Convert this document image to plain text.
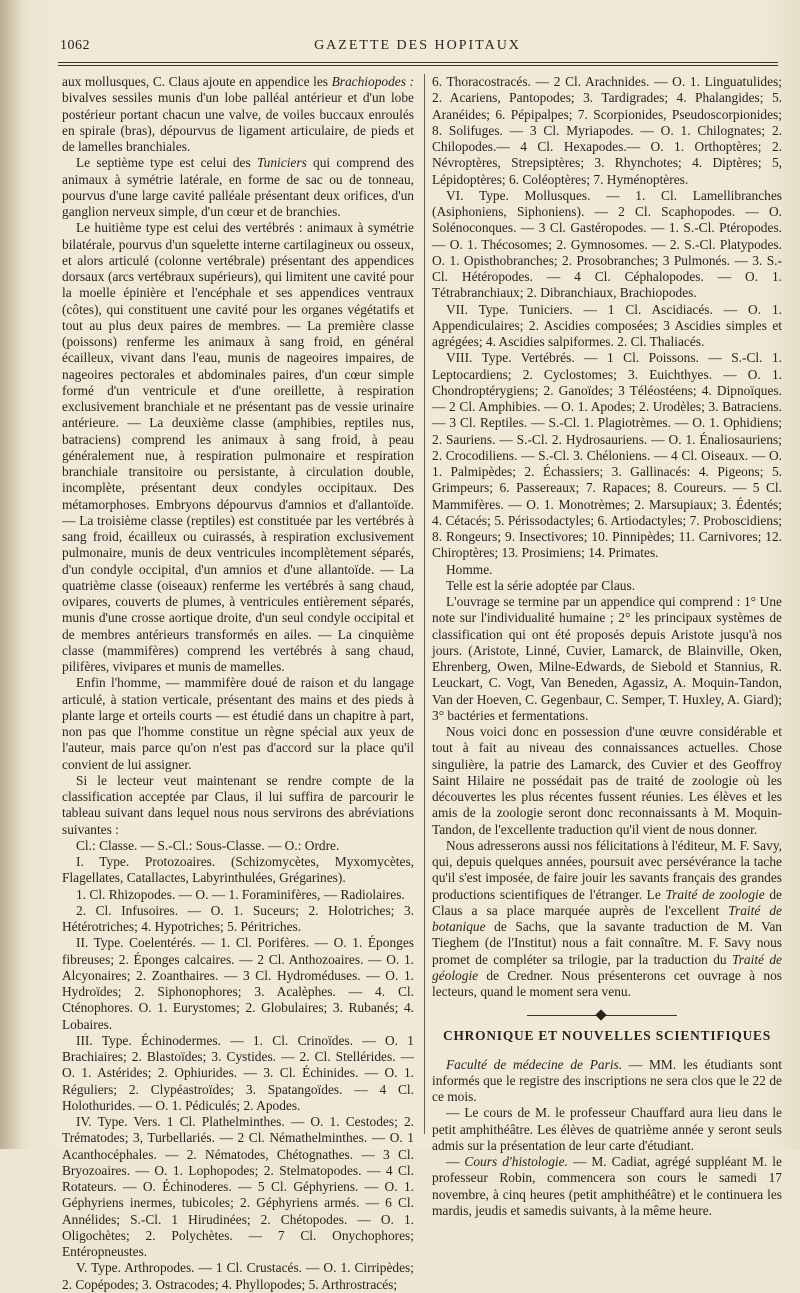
1062	GAZETTE DES HOPITAUX

aux mollusques, C. Claus ajoute en appendice les Brachiopodes : bivalves sessiles munis d'un lobe palléal antérieur et d'un lobe postérieur portant chacun une valve, de voiles buccaux enroulés en spirale (bras), dépourvus de ligament articulaire, de pieds et de lamelles branchiales.

Le septième type est celui des Tuniciers qui comprend des animaux à symétrie latérale, en forme de sac ou de tonneau, pourvus d'une large cavité palléale présentant deux orifices, d'un ganglion nerveux simple, d'un cœur et de branchies.

Le huitième type est celui des vertébrés : animaux à symétrie bilatérale, pourvus d'un squelette interne cartilagineux ou osseux, et alors articulé (colonne vertébrale) présentant des appendices dorsaux (arcs vertébraux supérieurs), qui limitent une cavité pour la moelle épinière et l'encéphale et ses appendices ventraux (côtes), qui constituent une cavité pour les organes végétatifs et tout au plus deux paires de membres. — La première classe (poissons) renferme les animaux à sang froid, en général écailleux, vivant dans l'eau, munis de nageoires impaires, de nageoires pectorales et abdominales paires, d'un cœur simple formé d'un ventricule et d'une oreillette, à respiration exclusivement branchiale et ne présentant pas de vessie urinaire antérieure. — La deuxième classe (amphibies, reptiles nus, batraciens) comprend les animaux à sang froid, à peau généralement nue, à respiration pulmonaire et respiration branchiale transitoire ou persistante, à circulation double, incomplète, présentant deux condyles occipitaux. Des métamorphoses. Embryons dépourvus d'amnios et d'allantoïde. — La troisième classe (reptiles) est constituée par les vertébrés à sang froid, écailleux ou cuirassés, à respiration exclusivement pulmonaire, munis de deux ventricules incomplètement séparés, d'un condyle occipital, d'un amnios et d'une allantoïde. — La quatrième classe (oiseaux) renferme les vertébrés à sang chaud, ovipares, couverts de plumes, à ventricules entièrement séparés, munis d'une crosse aortique droite, d'un seul condyle occipital et de membres antérieurs transformés en ailes. — La cinquième classe (mammifères) comprend les vertébrés à sang chaud, pilifères, vivipares et munis de mamelles.

Enfin l'homme, — mammifère doué de raison et du langage articulé, à station verticale, présentant des mains et des pieds à plante large et orteils courts — est étudié dans un chapitre à part, non pas que l'homme constitue un règne spécial aux yeux de l'auteur, mais parce qu'on n'est pas d'accord sur la place qu'il convient de lui assigner.

Si le lecteur veut maintenant se rendre compte de la classification acceptée par Claus, il lui suffira de parcourir le tableau suivant dans lequel nous nous servirons des abréviations suivantes :

Cl.: Classe. — S.-Cl.: Sous-Classe. — O.: Ordre.

I. Type. Protozoaires. (Schizomycètes, Myxomycètes, Flagellates, Catallactes, Labyrinthulées, Grégarines).

1. Cl. Rhizopodes. — O. — 1. Foraminifères, — Radiolaires.

2. Cl. Infusoires. — O. 1. Suceurs; 2. Holotriches; 3. Hétérotriches; 4. Hypotriches; 5. Péritriches.

II. Type. Coelentérés. — 1. Cl. Porifères. — O. 1. Éponges fibreuses; 2. Éponges calcaires. — 2 Cl. Anthozoaires. — O. 1. Alcyonaires; 2. Zoanthaires. — 3 Cl. Hydroméduses. — O. 1. Hydroïdes; 2. Siphonophores; 3. Acalèphes. — 4. Cl. Cténophores. O. 1. Eurystomes; 2. Globulaires; 3. Rubanés; 4. Lobaires.

III. Type. Échinodermes. — 1. Cl. Crinoïdes. — O. 1 Brachiaires; 2. Blastoïdes; 3. Cystides. — 2. Cl. Stellérides. — O. 1. Astérides; 2. Ophiurides. — 3. Cl. Échinides. — O. 1. Réguliers; 2. Clypéastroïdes; 3. Spatangoïdes. — 4 Cl. Holothurides. — O. 1. Pédiculés; 2. Apodes.

IV. Type. Vers. 1 Cl. Plathelminthes. — O. 1. Cestodes; 2. Trématodes; 3, Turbellariés. — 2 Cl. Némathelminthes. — O. 1 Acanthocéphales. — 2. Nématodes, Chétognathes. — 3 Cl. Bryozoaires. — O. 1. Lophopodes; 2. Stelmatopodes. — 4 Cl. Rotateurs. — O. Échinoderes. — 5 Cl. Géphyriens. — O. 1. Géphyriens inermes, tubicoles; 2. Géphyriens armés. — 6 Cl. Annélides; S.-Cl. 1 Hirudinées; 2. Chétopodes. — O. 1. Oligochètes; 2. Polychètes. — 7 Cl. Onychophores; Entéropneustes.

V. Type. Arthropodes. — 1 Cl. Crustacés. — O. 1. Cirripèdes; 2. Copépodes; 3. Ostracodes; 4. Phyllopodes; 5. Arthrostracés;

6. Thoracostracés. — 2 Cl. Arachnides. — O. 1. Linguatulides; 2. Acariens, Pantopodes; 3. Tardigrades; 4. Phalangides; 5. Aranéides; 6. Pépipalpes; 7. Scorpionides, Pseudoscorpionides; 8. Solifuges. — 3 Cl. Myriapodes. — O. 1. Chilognates; 2. Chilopodes.— 4 Cl. Hexapodes.— O. 1. Orthoptères; 2. Névroptères, Strepsiptères; 3. Rhynchotes; 4. Diptères; 5, Lépidoptères; 6. Coléoptères; 7. Hyménoptères.

VI. Type. Mollusques. — 1. Cl. Lamellibranches (Asiphoniens, Siphoniens). — 2 Cl. Scaphopodes. — O. Solénoconques. — 3 Cl. Gastéropodes. — 1. S.-Cl. Ptéropodes. — O. 1. Thécosomes; 2. Gymnosomes. — 2. S.-Cl. Platypodes. O. 1. Opisthobranches; 2. Prosobranches; 3 Pulmonés. — 3. S.-Cl. Hétéropodes. — 4 Cl. Céphalopodes. — O. 1. Tétrabranchiaux; 2. Dibranchiaux, Brachiopodes.

VII. Type. Tuniciers. — 1 Cl. Ascidiacés. — O. 1. Appendiculaires; 2. Ascidies composées; 3 Ascidies simples et agrégées; 4. Ascidies salpiformes. 2. Cl. Thaliacés.

VIII. Type. Vertébrés. — 1 Cl. Poissons. — S.-Cl. 1. Leptocardiens; 2. Cyclostomes; 3. Euichthyes. — O. 1. Chondroptérygiens; 2. Ganoïdes; 3 Téléostéens; 4. Dipnoïques. — 2 Cl. Amphibies. — O. 1. Apodes; 2. Urodèles; 3. Batraciens. — 3 Cl. Reptiles. — S.-Cl. 1. Plagiotrèmes. — O. 1. Ophidiens; 2. Sauriens. — S.-Cl. 2. Hydrosauriens. — O. 1. Énaliosauriens; 2. Crocodiliens. — S.-Cl. 3. Chéloniens. — 4 Cl. Oiseaux. — O. 1. Palmipèdes; 2. Échassiers; 3. Gallinacés: 4. Pigeons; 5. Grimpeurs; 6. Passereaux; 7. Rapaces; 8. Coureurs. — 5 Cl. Mammifères. — O. 1. Monotrèmes; 2. Marsupiaux; 3. Édentés; 4. Cétacés; 5. Périssodactyles; 6. Artiodactyles; 7. Proboscidiens; 8. Rongeurs; 9. Insectivores; 10. Pinnipèdes; 11. Carnivores; 12. Chiroptères; 13. Prosimiens; 14. Primates.

Homme.

Telle est la série adoptée par Claus.

L'ouvrage se termine par un appendice qui comprend : 1° Une note sur l'individualité humaine ; 2° les principaux systèmes de classification qui ont été proposés depuis Aristote jusqu'à nos jours. (Aristote, Linné, Cuvier, Lamarck, de Blainville, Oken, Ehrenberg, Owen, Milne-Edwards, de Siebold et Stannius, R. Leuckart, C. Vogt, Van Beneden, Agassiz, A. Moquin-Tandon, Van der Hoeven, C. Gegenbaur, C. Semper, T. Huxley, A. Giard); 3° bactéries et fermentations.

Nous voici donc en possession d'une œuvre considérable et tout à fait au niveau des connaissances actuelles. Chose singulière, la patrie des Lamarck, des Cuvier et des Geoffroy Saint Hilaire ne possédait pas de traité de zoologie où les découvertes les plus récentes fussent réunies. Les élèves et les amis de la zoologie seront donc reconnaissants à M. Moquin-Tandon, de l'excellente traduction qu'il vient de nous donner.

Nous adresserons aussi nos félicitations à l'éditeur, M. F. Savy, qui, depuis quelques années, poursuit avec persévérance la tache qu'il s'est imposée, de faire jouir les savants français des grandes productions scientifiques de l'étranger. Le Traité de zoologie de Claus a sa place marquée auprès de l'excellent Traité de botanique de Sachs, que la savante traduction de M. Van Tieghem (de l'Institut) nous a fait connaître. M. F. Savy nous promet de compléter sa trilogie, par la traduction du Traité de géologie de Credner. Nous présenterons cet ouvrage à nos lecteurs, quand le moment sera venu.

CHRONIQUE ET NOUVELLES SCIENTIFIQUES

Faculté de médecine de Paris. — MM. les étudiants sont informés que le registre des inscriptions ne sera clos que le 22 de ce mois.

— Le cours de M. le professeur Chauffard aura lieu dans le petit amphithéâtre. Les élèves de quatrième année y seront seuls admis sur la présentation de leur carte d'étudiant.

— Cours d'histologie. — M. Cadiat, agrégé suppléant M. le professeur Robin, commencera son cours le samedi 17 novembre, à cinq heures (petit amphithéâtre) et le continuera les mardis, jeudis et samedis suivants, à la même heure.
